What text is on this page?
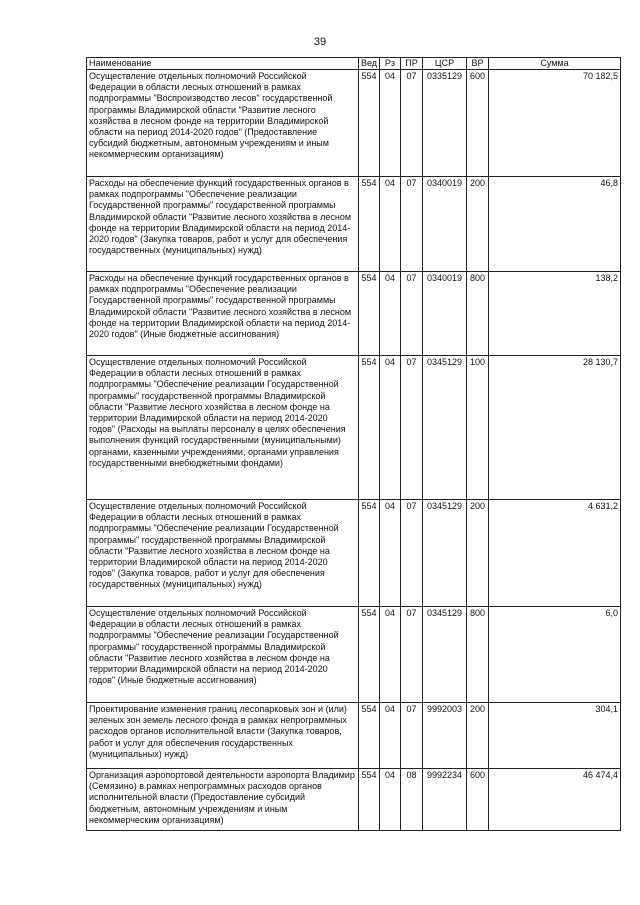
39
Наименование	Вед	Рз	ПР	ЦСР	ВР	Сумма
Осуществление отдельных полномочий Российской Федерации в области лесных отношений в рамках подпрограммы "Воспроизводство лесов" государственной программы Владимирской области "Развитие лесного хозяйства в лесном фонде на территории Владимирской области на период 2014-2020 годов" (Предоставление субсидий бюджетным, автономным учреждениям и иным некоммерческим организациям)	554	04	07	0335129	600	70 182,5
Расходы на обеспечение функций государственных органов в рамках подпрограммы "Обеспечение реализации Государственной программы" государственной программы Владимирской области "Развитие лесного хозяйства в лесном фонде на территории Владимирской области на период 2014-2020 годов" (Закупка товаров, работ и услуг для обеспечения государственных (муниципальных) нужд)	554	04	07	0340019	200	46,8
Расходы на обеспечение функций государственных органов в рамках подпрограммы "Обеспечение реализации Государственной программы" государственной программы Владимирской области "Развитие лесного хозяйства в лесном фонде на территории Владимирской области на период 2014-2020 годов" (Иные бюджетные ассигнования)	554	04	07	0340019	800	138,2
Осуществление отдельных полномочий Российской Федерации в области лесных отношений в рамках подпрограммы "Обеспечение реализации Государственной программы" государственной программы Владимирской области "Развитие лесного хозяйства в лесном фонде на территории Владимирской области на период 2014-2020 годов" (Расходы на выплаты персоналу в целях обеспечения выполнения функций государственными (муниципальными) органами, казенными учреждениями, органами управления государственными внебюджетными фондами)	554	04	07	0345129	100	28 130,7
Осуществление отдельных полномочий Российской Федерации в области лесных отношений в рамках подпрограммы "Обеспечение реализации Государственной программы" государственной программы Владимирской области "Развитие лесного хозяйства в лесном фонде на территории Владимирской области на период 2014-2020 годов" (Закупка товаров, работ и услуг для обеспечения государственных (муниципальных) нужд)	554	04	07	0345129	200	4 631,2
Осуществление отдельных полномочий Российской Федерации в области лесных отношений в рамках подпрограммы "Обеспечение реализации Государственной программы" государственной программы Владимирской области "Развитие лесного хозяйства в лесном фонде на территории Владимирской области на период 2014-2020 годов" (Иные бюджетные ассигнования)	554	04	07	0345129	800	6,0
Проектирование изменения границ лесопарковых зон и (или) зеленых зон земель лесного фонда в рамках непрограммных расходов органов исполнительной власти (Закупка товаров, работ и услуг для обеспечения государственных (муниципальных) нужд)	554	04	07	9992003	200	304,1
Организация аэропортовой деятельности аэропорта Владимир (Семязино) в рамках непрограммных расходов органов исполнительной власти (Предоставление субсидий бюджетным, автономным учреждениям и иным некоммерческим организациям)	554	04	08	9992234	600	46 474,4
